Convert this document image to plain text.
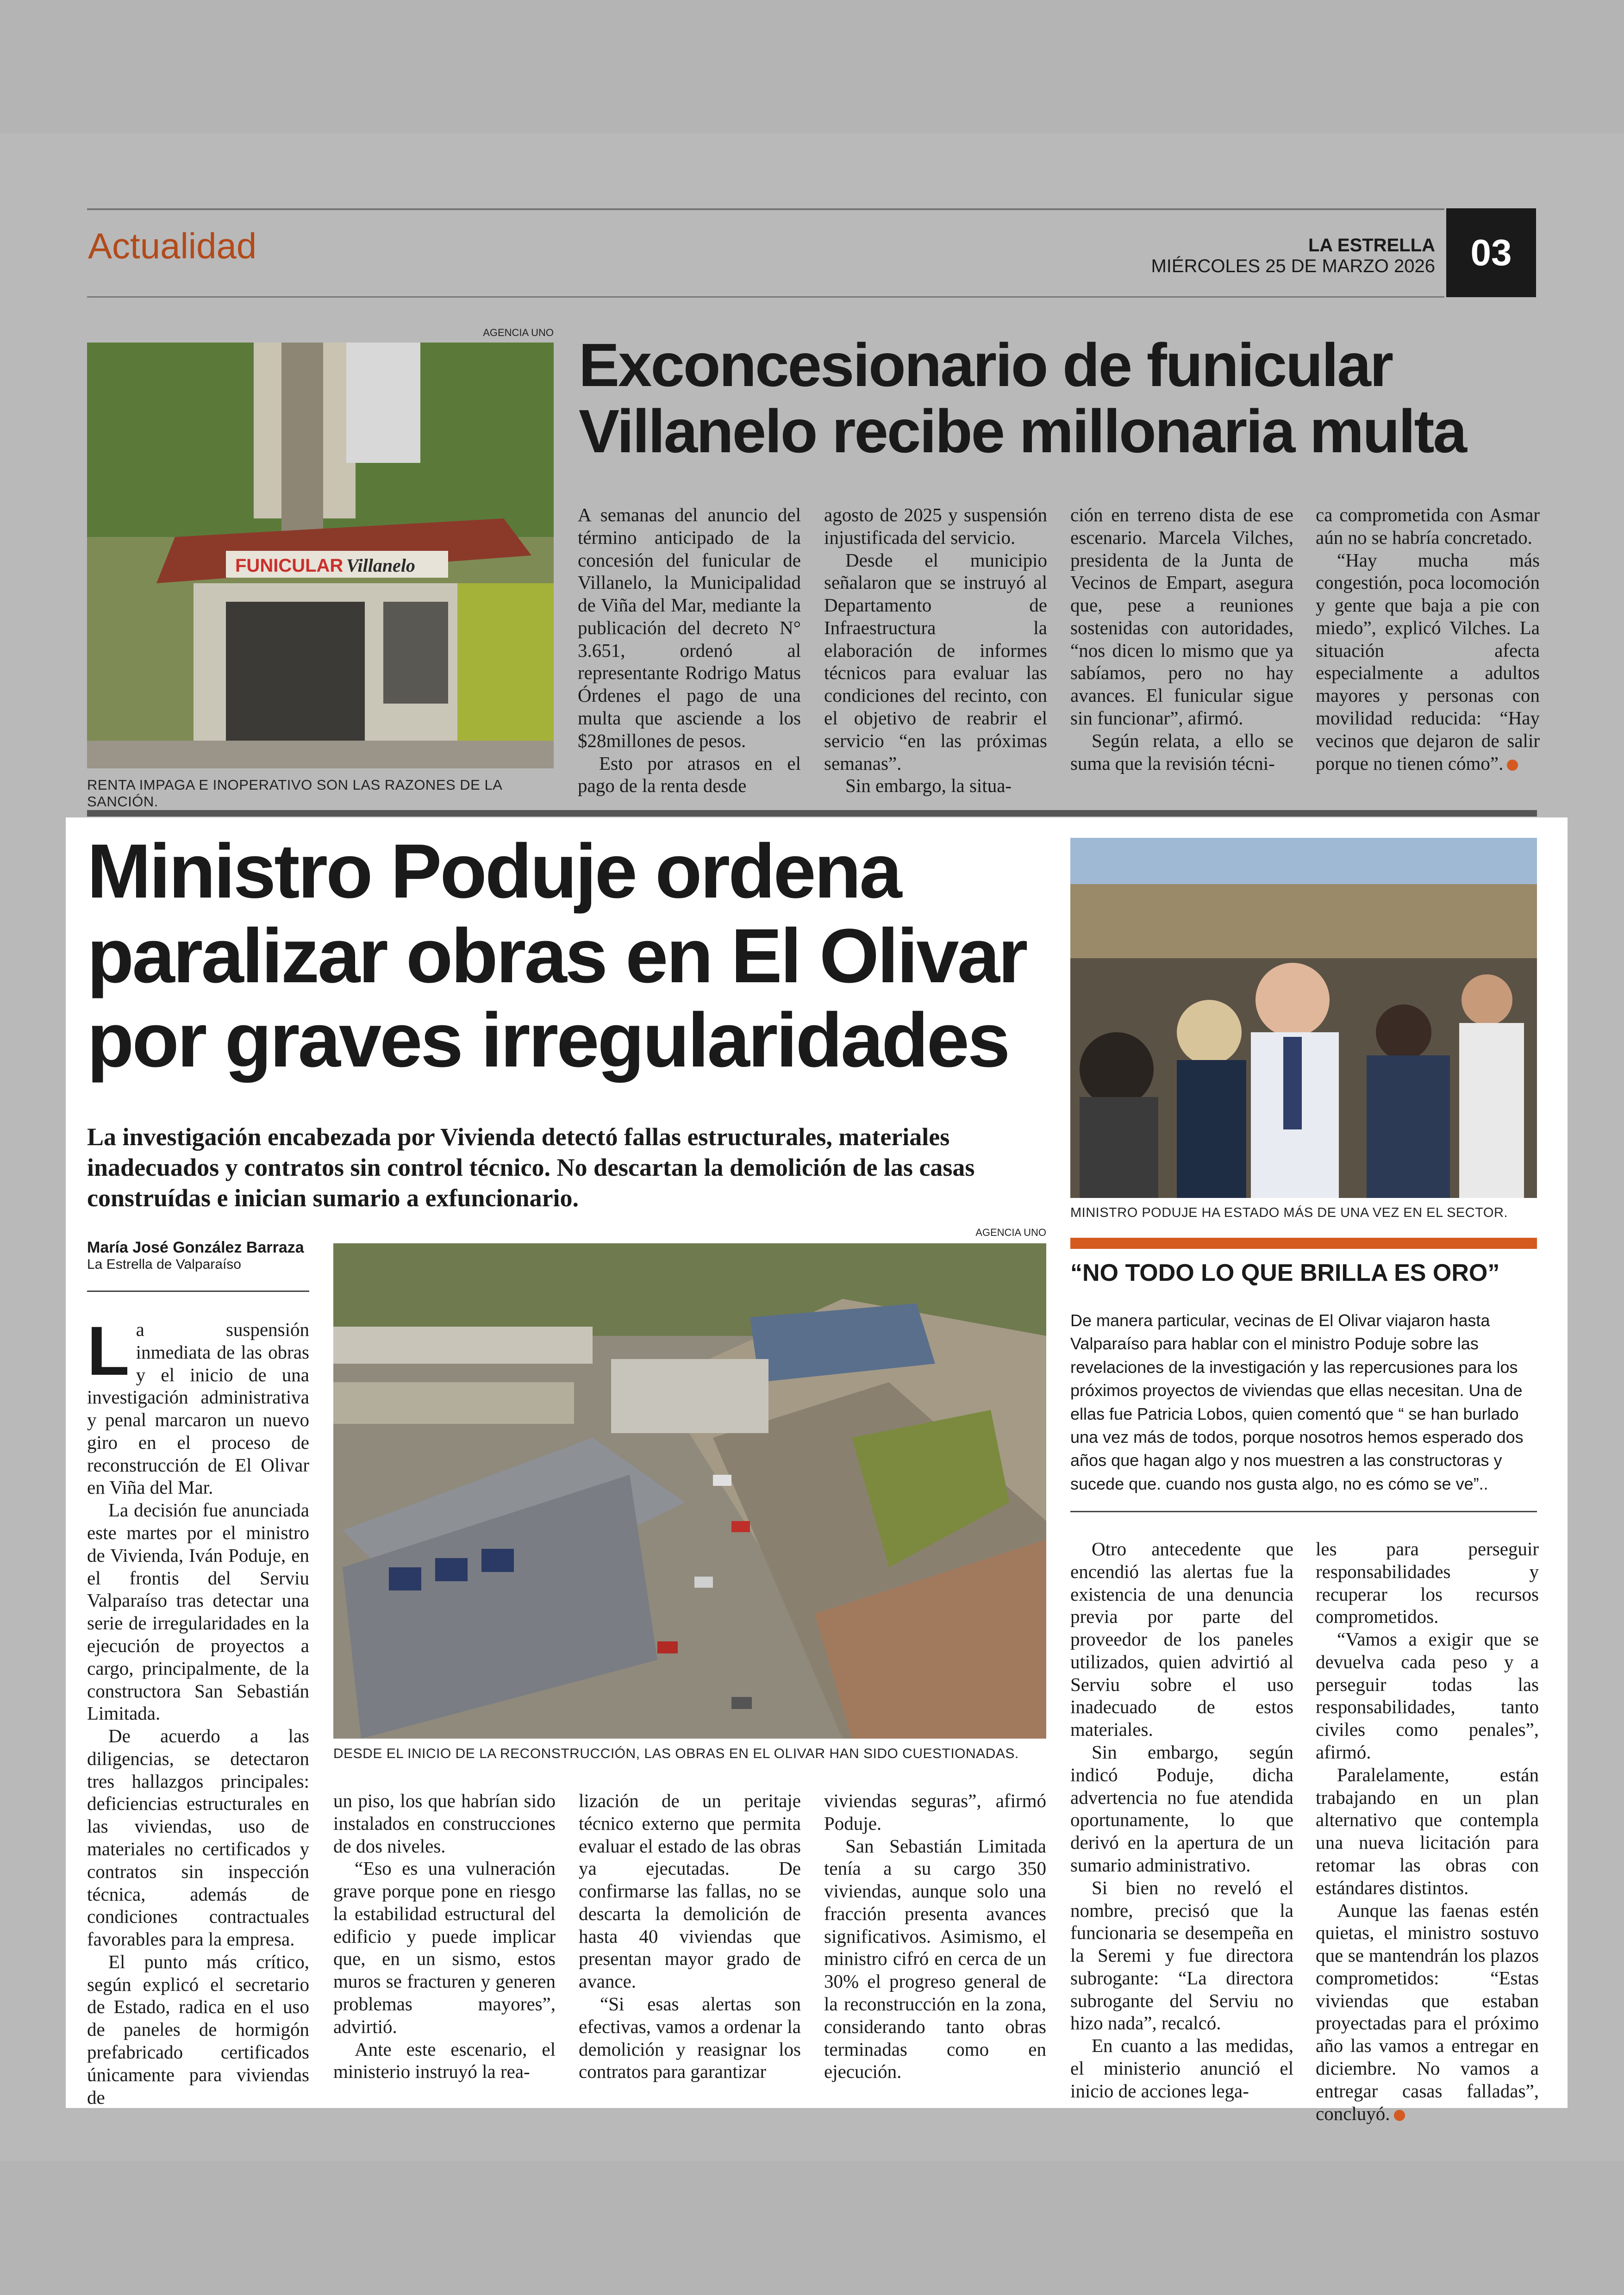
Actualidad	LA ESTRELLA
MIÉRCOLES 25 DE MARZO 2026 03
AGENCIA UNO
FUNICULAR Villanelo
RENTA IMPAGA E INOPERATIVO SON LAS RAZONES DE LA SANCIÓN.
Exconcesionario de funicular
Villanelo recibe millonaria multa

A semanas del anuncio del término anticipado de la concesión del funicular de Villanelo, la Municipalidad de Viña del Mar, mediante la publicación del decreto N° 3.651, ordenó al representante Rodrigo Matus Órdenes el pago de una multa que asciende a los $28millones de pesos.

Esto por atrasos en el pago de la renta desde

agosto de 2025 y suspensión injustificada del servicio.

Desde el municipio señalaron que se instruyó al Departamento de Infraestructura la elaboración de informes técnicos para evaluar las condiciones del recinto, con el objetivo de reabrir el servicio “en las próximas semanas”.

Sin embargo, la situa-

ción en terreno dista de ese escenario. Marcela Vilches, presidenta de la Junta de Vecinos de Empart, asegura que, pese a reuniones sostenidas con autoridades, “nos dicen lo mismo que ya sabíamos, pero no hay avances. El funicular sigue sin funcionar”, afirmó.

Según relata, a ello se suma que la revisión técni-

ca comprometida con Asmar aún no se habría concretado.

“Hay mucha más congestión, poca locomoción y gente que baja a pie con miedo”, explicó Vilches. La situación afecta especialmente a adultos mayores y personas con movilidad reducida: “Hay vecinos que dejaron de salir porque no tienen cómo”.

Ministro Poduje ordena
paralizar obras en El Olivar
por graves irregularidades
La investigación encabezada por Vivienda detectó fallas estructurales, materiales inadecuados y contratos sin control técnico. No descartan la demolición de las casas construídas e inician sumario a exfuncionario.
María José González Barraza
La Estrella de Valparaíso
MINISTRO PODUJE HA ESTADO MÁS DE UNA VEZ EN EL SECTOR.
AGENCIA UNO
DESDE EL INICIO DE LA RECONSTRUCCIÓN, LAS OBRAS EN EL OLIVAR HAN SIDO CUESTIONADAS.

La suspensión inmediata de las obras y el inicio de una investigación administrativa y penal marcaron un nuevo giro en el proceso de reconstrucción de El Olivar en Viña del Mar.

La decisión fue anunciada este martes por el ministro de Vivienda, Iván Poduje, en el frontis del Serviu Valparaíso tras detectar una serie de irregularidades en la ejecución de proyectos a cargo, principalmente, de la constructora San Sebastián Limitada.

De acuerdo a las diligencias, se detectaron tres hallazgos principales: deficiencias estructurales en las viviendas, uso de materiales no certificados y contratos sin inspección técnica, además de condiciones contractuales favorables para la empresa.

El punto más crítico, según explicó el secretario de Estado, radica en el uso de paneles de hormigón prefabricado certificados únicamente para viviendas de

un piso, los que habrían sido instalados en construcciones de dos niveles.

“Eso es una vulneración grave porque pone en riesgo la estabilidad estructural del edificio y puede implicar que, en un sismo, estos muros se fracturen y generen problemas mayores”, advirtió.

Ante este escenario, el ministerio instruyó la rea-

lización de un peritaje técnico externo que permita evaluar el estado de las obras ya ejecutadas. De confirmarse las fallas, no se descarta la demolición de hasta 40 viviendas que presentan mayor grado de avance.

“Si esas alertas son efectivas, vamos a ordenar la demolición y reasignar los contratos para garantizar

viviendas seguras”, afirmó Poduje.

San Sebastián Limitada tenía a su cargo 350 viviendas, aunque solo una fracción presenta avances significativos. Asimismo, el ministro cifró en cerca de un 30% el progreso general de la reconstrucción en la zona, considerando tanto obras terminadas como en ejecución.

“NO TODO LO QUE BRILLA ES ORO”
De manera particular, vecinas de El Olivar viajaron hasta Valparaíso para hablar con el ministro Poduje sobre las revelaciones de la investigación y las repercusiones para los próximos proyectos de viviendas que ellas necesitan. Una de ellas fue Patricia Lobos, quien comentó que “ se han burlado una vez más de todos, porque nosotros hemos esperado dos años que hagan algo y nos muestren a las constructoras y sucede que. cuando nos gusta algo, no es cómo se ve”..

Otro antecedente que encendió las alertas fue la existencia de una denuncia previa por parte del proveedor de los paneles utilizados, quien advirtió al Serviu sobre el uso inadecuado de estos materiales.

Sin embargo, según indicó Poduje, dicha advertencia no fue atendida oportunamente, lo que derivó en la apertura de un sumario administrativo.

Si bien no reveló el nombre, precisó que la funcionaria se desempeña en la Seremi y fue directora subrogante: “La directora subrogante del Serviu no hizo nada”, recalcó.

En cuanto a las medidas, el ministerio anunció el inicio de acciones lega-

les para perseguir responsabilidades y recuperar los recursos comprometidos.

“Vamos a exigir que se devuelva cada peso y a perseguir todas las responsabilidades, tanto civiles como penales”, afirmó.

Paralelamente, están trabajando en un plan alternativo que contempla una nueva licitación para retomar las obras con estándares distintos.

Aunque las faenas estén quietas, el ministro sostuvo que se mantendrán los plazos comprometidos: “Estas viviendas que estaban proyectadas para el próximo año las vamos a entregar en diciembre. No vamos a entregar casas falladas”, concluyó.
